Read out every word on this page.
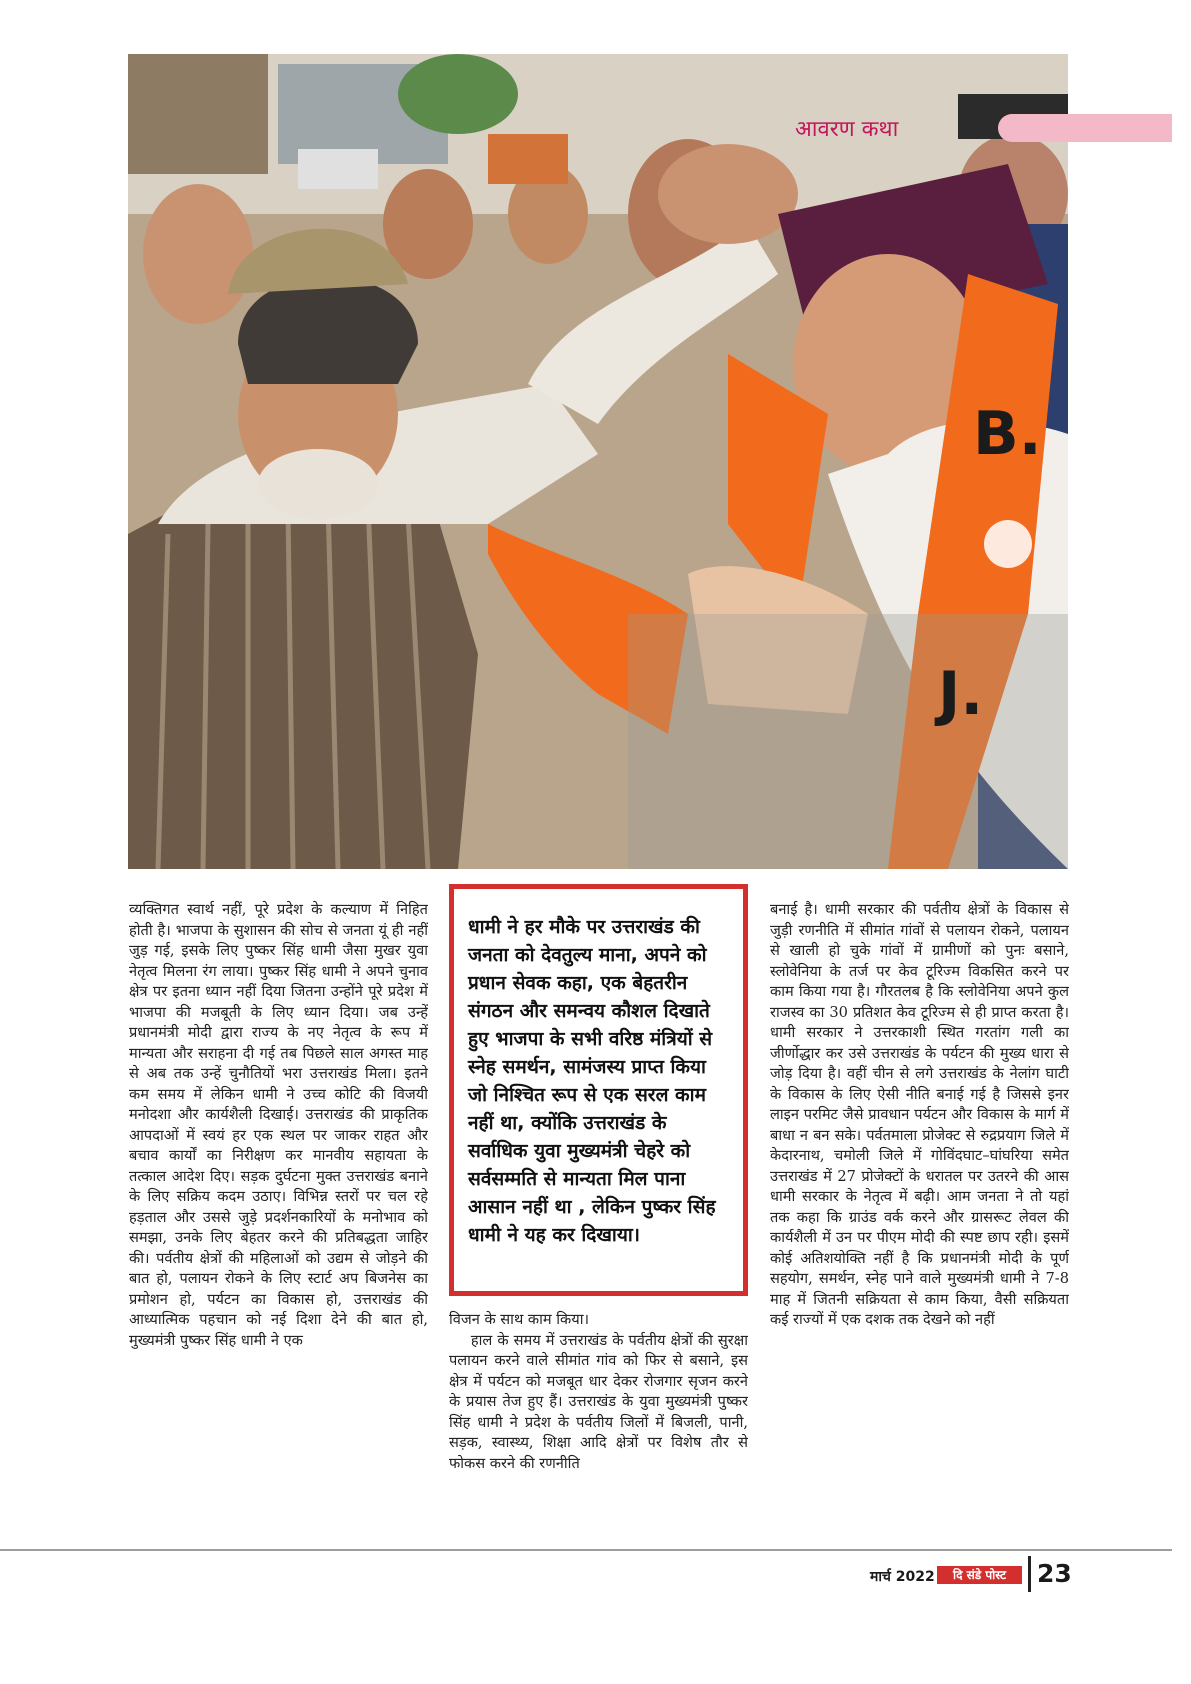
B.
J.
आवरण कथा

व्यक्तिगत स्वार्थ नहीं, पूरे प्रदेश के कल्याण में निहित होती है। भाजपा के सुशासन की सोच से जनता यूं ही नहीं जुड़ गई, इसके लिए पुष्कर सिंह धामी जैसा मुखर युवा नेतृत्व मिलना रंग लाया। पुष्कर सिंह धामी ने अपने चुनाव क्षेत्र पर इतना ध्यान नहीं दिया जितना उन्होंने पूरे प्रदेश में भाजपा की मजबूती के लिए ध्यान दिया। जब उन्हें प्रधानमंत्री मोदी द्वारा राज्य के नए नेतृत्व के रूप में मान्यता और सराहना दी गई तब पिछले साल अगस्त माह से अब तक उन्हें चुनौतियों भरा उत्तराखंड मिला। इतने कम समय में लेकिन धामी ने उच्च कोटि की विजयी मनोदशा और कार्यशैली दिखाई। उत्तराखंड की प्राकृतिक आपदाओं में स्वयं हर एक स्थल पर जाकर राहत और बचाव कार्यों का निरीक्षण कर मानवीय सहायता के तत्काल आदेश दिए। सड़क दुर्घटना मुक्त उत्तराखंड बनाने के लिए सक्रिय कदम उठाए। विभिन्न स्तरों पर चल रहे हड़ताल और उससे जुड़े प्रदर्शनकारियों के मनोभाव को समझा, उनके लिए बेहतर करने की प्रतिबद्धता जाहिर की। पर्वतीय क्षेत्रों की महिलाओं को उद्यम से जोड़ने की बात हो, पलायन रोकने के लिए स्टार्ट अप बिजनेस का प्रमोशन हो, पर्यटन का विकास हो, उत्तराखंड की आध्यात्मिक पहचान को नई दिशा देने की बात हो, मुख्यमंत्री पुष्कर सिंह धामी ने एक

धामी ने हर मौके पर उत्तराखंड की जनता को देवतुल्य माना, अपने को प्रधान सेवक कहा, एक बेहतरीन संगठन और समन्वय कौशल दिखाते हुए भाजपा के सभी वरिष्ठ मंत्रियों से स्नेह समर्थन, सामंजस्य प्राप्त किया जो निश्चित रूप से एक सरल काम नहीं था, क्योंकि उत्तराखंड के सर्वाधिक युवा मुख्यमंत्री चेहरे को सर्वसम्मति से मान्यता मिल पाना आसान नहीं था , लेकिन पुष्कर सिंह धामी ने यह कर दिखाया।

विजन के साथ काम किया।

हाल के समय में उत्तराखंड के पर्वतीय क्षेत्रों की सुरक्षा पलायन करने वाले सीमांत गांव को फिर से बसाने, इस क्षेत्र में पर्यटन को मजबूत धार देकर रोजगार सृजन करने के प्रयास तेज हुए हैं। उत्तराखंड के युवा मुख्यमंत्री पुष्कर सिंह धामी ने प्रदेश के पर्वतीय जिलों में बिजली, पानी, सड़क, स्वास्थ्य, शिक्षा आदि क्षेत्रों पर विशेष तौर से फोकस करने की रणनीति

बनाई है। धामी सरकार की पर्वतीय क्षेत्रों के विकास से जुड़ी रणनीति में सीमांत गांवों से पलायन रोकने, पलायन से खाली हो चुके गांवों में ग्रामीणों को पुनः बसाने, स्लोवेनिया के तर्ज पर केव टूरिज्म विकसित करने पर काम किया गया है। गौरतलब है कि स्लोवेनिया अपने कुल राजस्व का 30 प्रतिशत केव टूरिज्म से ही प्राप्त करता है। धामी सरकार ने उत्तरकाशी स्थित गरतांग गली का जीर्णोद्धार कर उसे उत्तराखंड के पर्यटन की मुख्य धारा से जोड़ दिया है। वहीं चीन से लगे उत्तराखंड के नेलांग घाटी के विकास के लिए ऐसी नीति बनाई गई है जिससे इनर लाइन परमिट जैसे प्रावधान पर्यटन और विकास के मार्ग में बाधा न बन सके। पर्वतमाला प्रोजेक्ट से रुद्रप्रयाग जिले में केदारनाथ, चमोली जिले में गोविंदघाट–घांघरिया समेत उत्तराखंड में 27 प्रोजेक्टों के धरातल पर उतरने की आस धामी सरकार के नेतृत्व में बढ़ी। आम जनता ने तो यहां तक कहा कि ग्राउंड वर्क करने और ग्रासरूट लेवल की कार्यशैली में उन पर पीएम मोदी की स्पष्ट छाप रही। इसमें कोई अतिशयोक्ति नहीं है कि प्रधानमंत्री मोदी के पूर्ण सहयोग, समर्थन, स्नेह पाने वाले मुख्यमंत्री धामी ने 7-8 माह में जितनी सक्रियता से काम किया, वैसी सक्रियता कई राज्यों में एक दशक तक देखने को नहीं

मार्च 2022	दि संडे पोस्ट	23
